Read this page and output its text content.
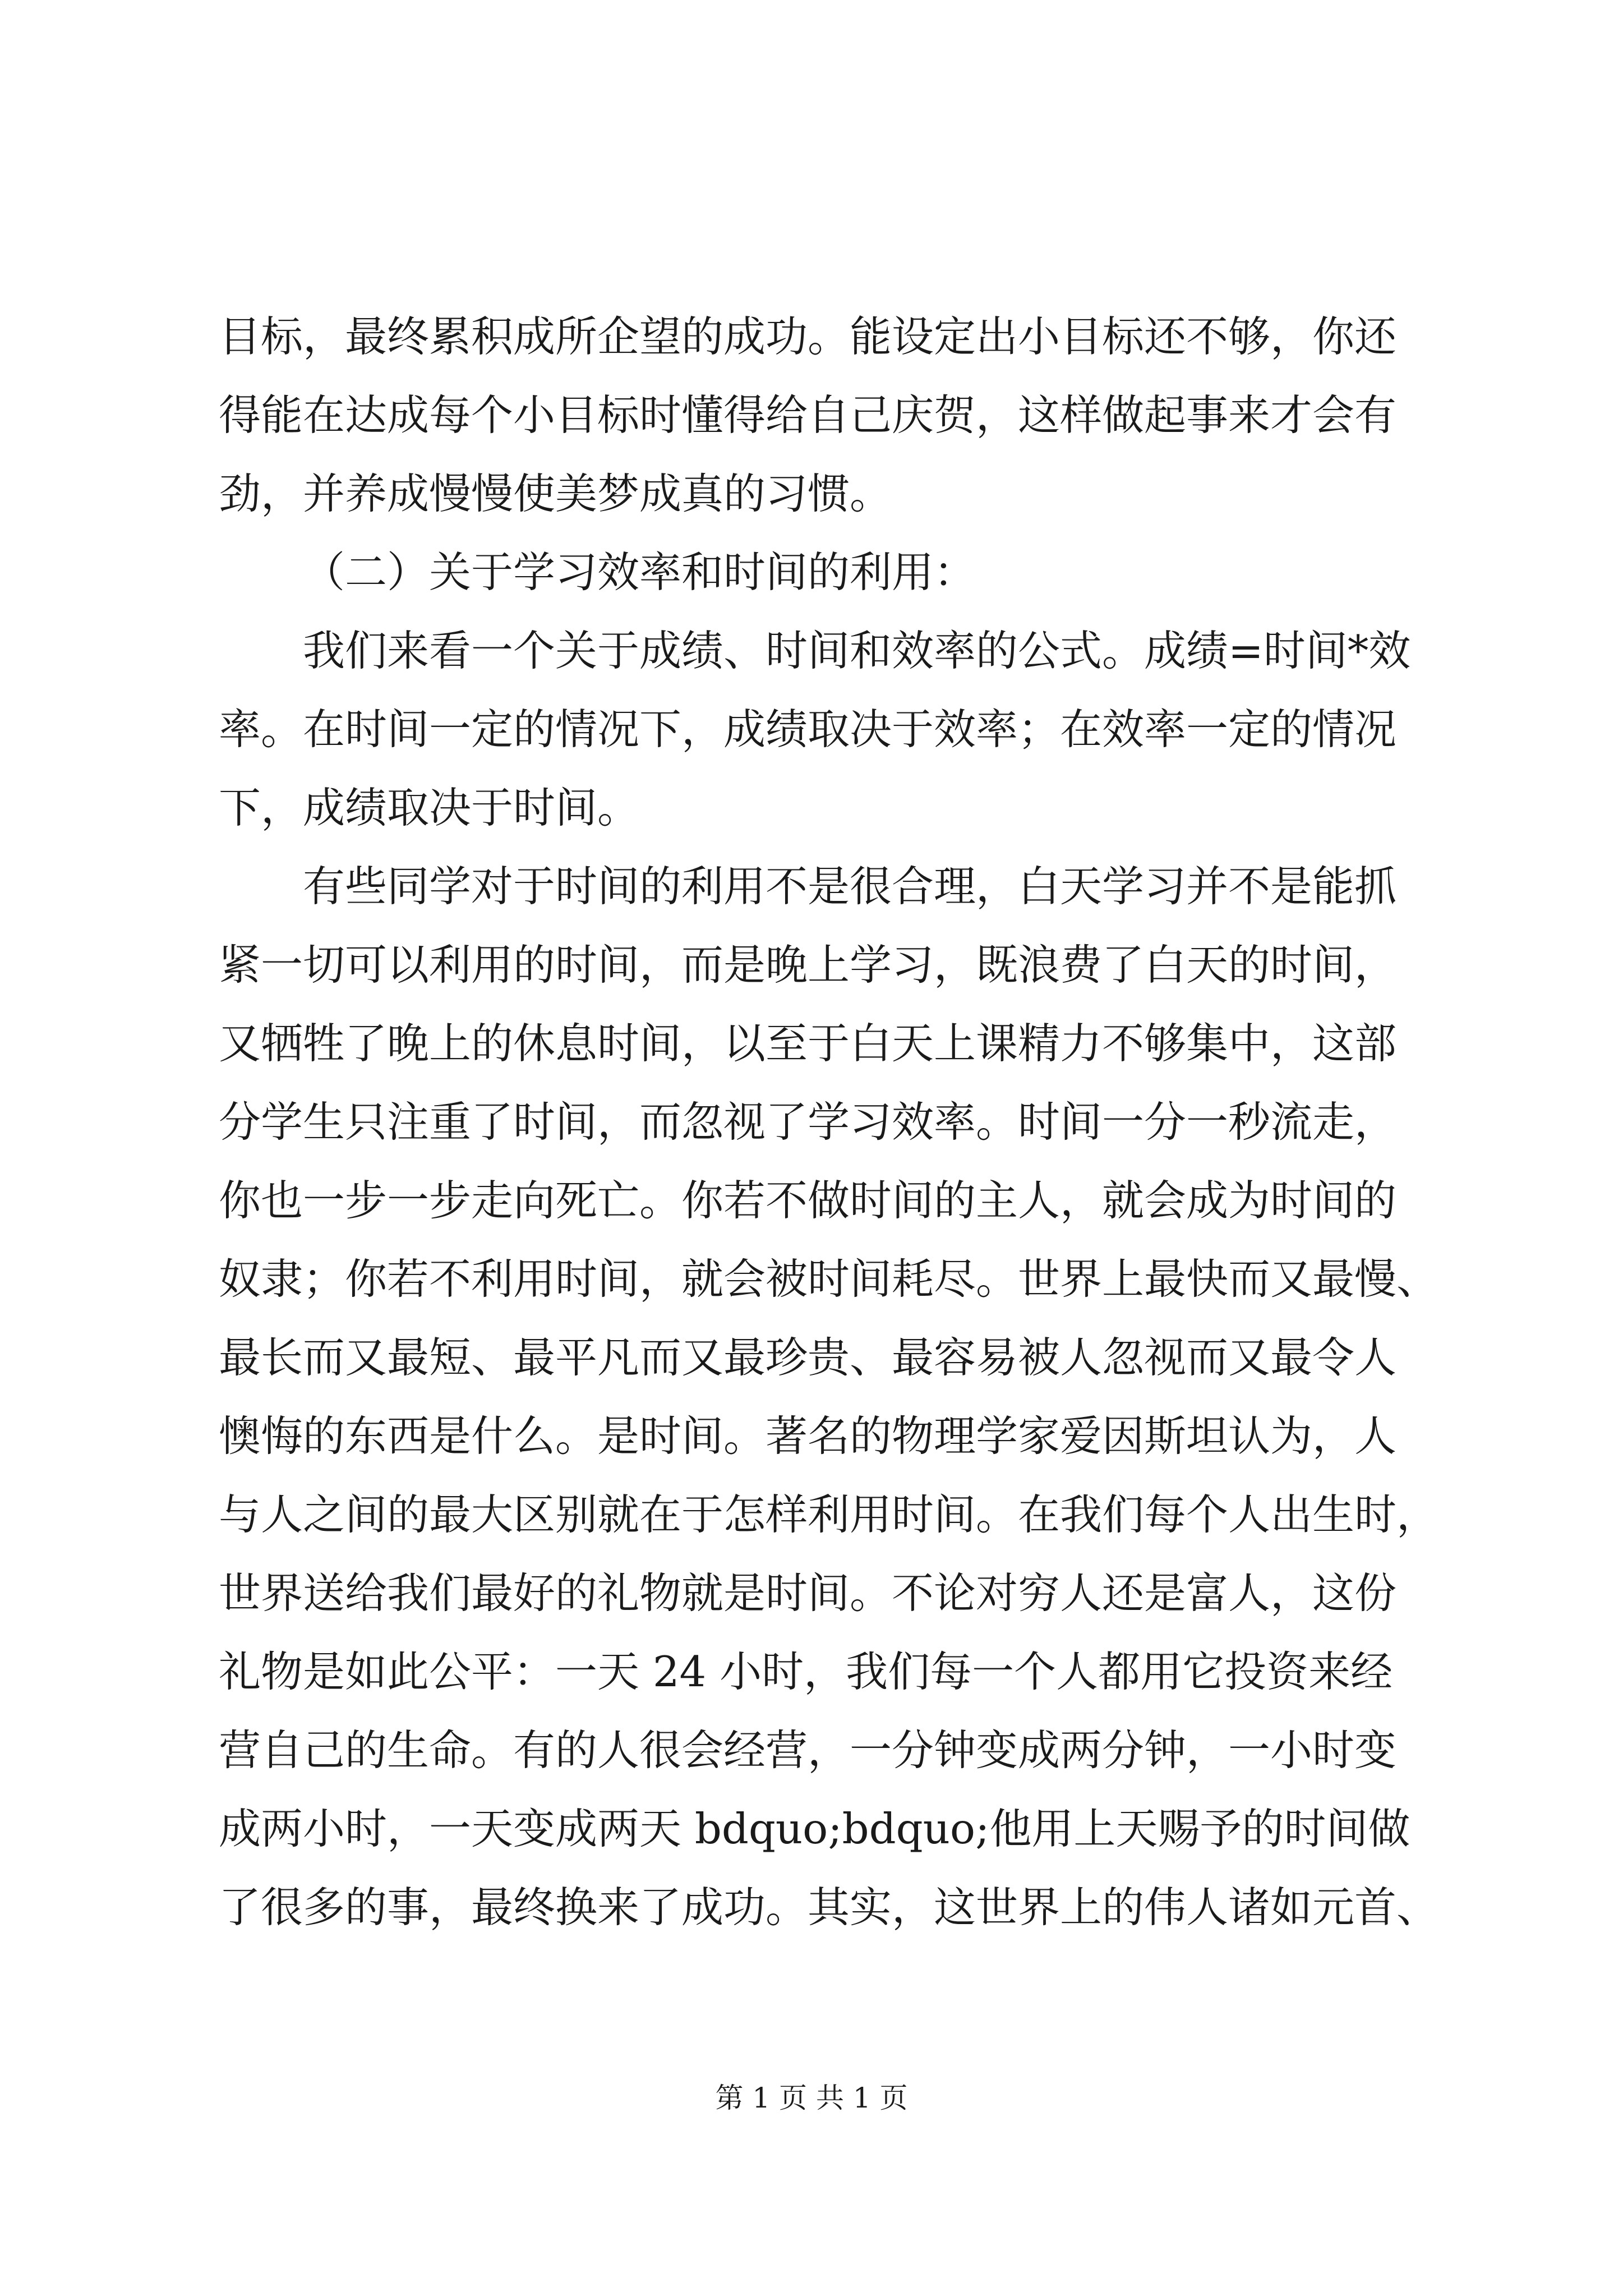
目标，最终累积成所企望的成功。能设定出小目标还不够，你还
得能在达成每个小目标时懂得给自己庆贺，这样做起事来才会有
劲，并养成慢慢使美梦成真的习惯。
（二）关于学习效率和时间的利用：
我们来看一个关于成绩、时间和效率的公式。成绩=时间*效
率。在时间一定的情况下，成绩取决于效率；在效率一定的情况
下，成绩取决于时间。
有些同学对于时间的利用不是很合理，白天学习并不是能抓
紧一切可以利用的时间，而是晚上学习，既浪费了白天的时间，
又牺牲了晚上的休息时间，以至于白天上课精力不够集中，这部
分学生只注重了时间，而忽视了学习效率。时间一分一秒流走，
你也一步一步走向死亡。你若不做时间的主人，就会成为时间的
奴隶；你若不利用时间，就会被时间耗尽。世界上最快而又最慢、
最长而又最短、最平凡而又最珍贵、最容易被人忽视而又最令人
懊悔的东西是什么。是时间。著名的物理学家爱因斯坦认为，人
与人之间的最大区别就在于怎样利用时间。在我们每个人出生时，
世界送给我们最好的礼物就是时间。不论对穷人还是富人，这份
礼物是如此公平：一天 24 小时，我们每一个人都用它投资来经
营自己的生命。有的人很会经营，一分钟变成两分钟，一小时变
成两小时，一天变成两天 bdquo;bdquo;他用上天赐予的时间做
了很多的事，最终换来了成功。其实，这世界上的伟人诸如元首、
第 1 页 共 1 页
